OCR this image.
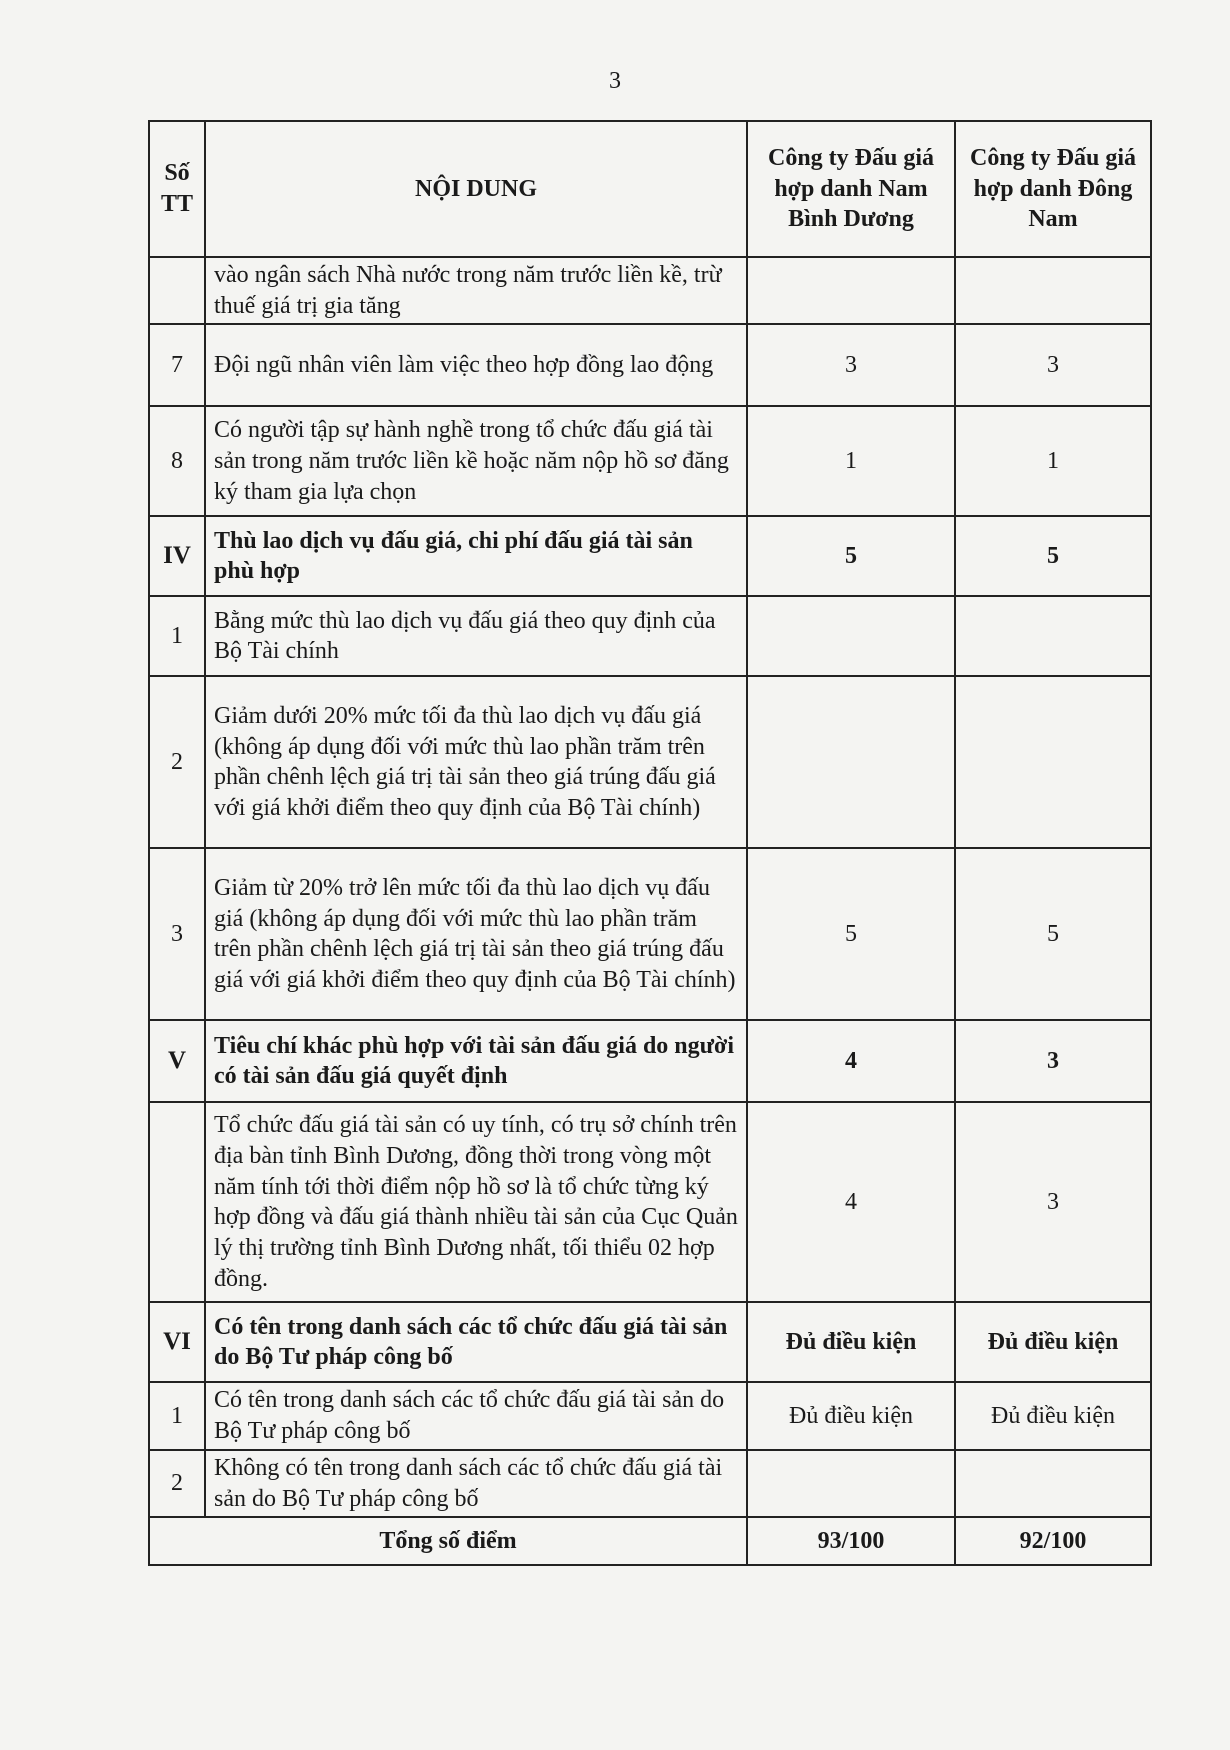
3
Số TT	NỘI DUNG	Công ty Đấu giá hợp danh Nam Bình Dương	Công ty Đấu giá hợp danh Đông Nam
	vào ngân sách Nhà nước trong năm trước liền kề, trừ thuế giá trị gia tăng		
7	Đội ngũ nhân viên làm việc theo hợp đồng lao động	3	3
8	Có người tập sự hành nghề trong tổ chức đấu giá tài sản trong năm trước liền kề hoặc năm nộp hồ sơ đăng ký tham gia lựa chọn	1	1
IV	Thù lao dịch vụ đấu giá, chi phí đấu giá tài sản phù hợp	5	5
1	Bằng mức thù lao dịch vụ đấu giá theo quy định của Bộ Tài chính		
2	Giảm dưới 20% mức tối đa thù lao dịch vụ đấu giá (không áp dụng đối với mức thù lao phần trăm trên phần chênh lệch giá trị tài sản theo giá trúng đấu giá với giá khởi điểm theo quy định của Bộ Tài chính)		
3	Giảm từ 20% trở lên mức tối đa thù lao dịch vụ đấu giá (không áp dụng đối với mức thù lao phần trăm trên phần chênh lệch giá trị tài sản theo giá trúng đấu giá với giá khởi điểm theo quy định của Bộ Tài chính)	5	5
V	Tiêu chí khác phù hợp với tài sản đấu giá do người có tài sản đấu giá quyết định	4	3
	Tổ chức đấu giá tài sản có uy tính, có trụ sở chính trên địa bàn tỉnh Bình Dương, đồng thời trong vòng một năm tính tới thời điểm nộp hồ sơ là tổ chức từng ký hợp đồng và đấu giá thành nhiều tài sản của Cục Quản lý thị trường tỉnh Bình Dương nhất, tối thiểu 02 hợp đồng.	4	3
VI	Có tên trong danh sách các tổ chức đấu giá tài sản do Bộ Tư pháp công bố	Đủ điều kiện	Đủ điều kiện
1	Có tên trong danh sách các tổ chức đấu giá tài sản do Bộ Tư pháp công bố	Đủ điều kiện	Đủ điều kiện
2	Không có tên trong danh sách các tổ chức đấu giá tài sản do Bộ Tư pháp công bố		
Tổng số điểm		93/100	92/100
